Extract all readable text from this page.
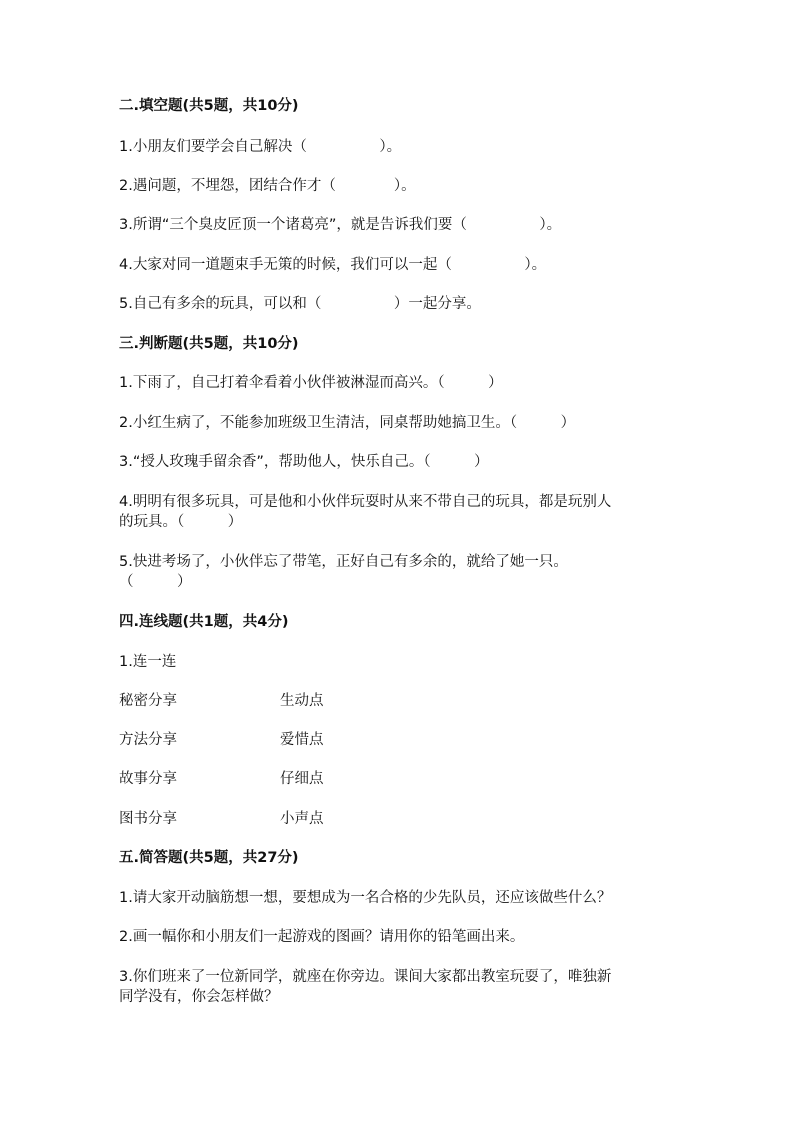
二.填空题(共5题，共10分)
1.小朋友们要学会自己解决（　　　　　）。
2.遇问题，不埋怨，团结合作才（　　　　）。
3.所谓“三个臭皮匠顶一个诸葛亮”，就是告诉我们要（　　　　　）。
4.大家对同一道题束手无策的时候，我们可以一起（　　　　　）。
5.自己有多余的玩具，可以和（　　　　　）一起分享。
三.判断题(共5题，共10分)
1.下雨了，自己打着伞看着小伙伴被淋湿而高兴。（　　　）
2.小红生病了，不能参加班级卫生清洁，同桌帮助她搞卫生。（　　　）
3.“授人玫瑰手留余香”，帮助他人，快乐自己。（　　　）
4.明明有很多玩具，可是他和小伙伴玩耍时从来不带自己的玩具，都是玩别人
的玩具。（　　　）
5.快进考场了，小伙伴忘了带笔，正好自己有多余的，就给了她一只。
（　　　）
四.连线题(共1题，共4分)
1.连一连
秘密分享	生动点
方法分享	爱惜点
故事分享	仔细点
图书分享	小声点
五.简答题(共5题，共27分)
1.请大家开动脑筋想一想，要想成为一名合格的少先队员，还应该做些什么？
2.画一幅你和小朋友们一起游戏的图画？请用你的铅笔画出来。
3.你们班来了一位新同学，就座在你旁边。课间大家都出教室玩耍了，唯独新
同学没有，你会怎样做？
